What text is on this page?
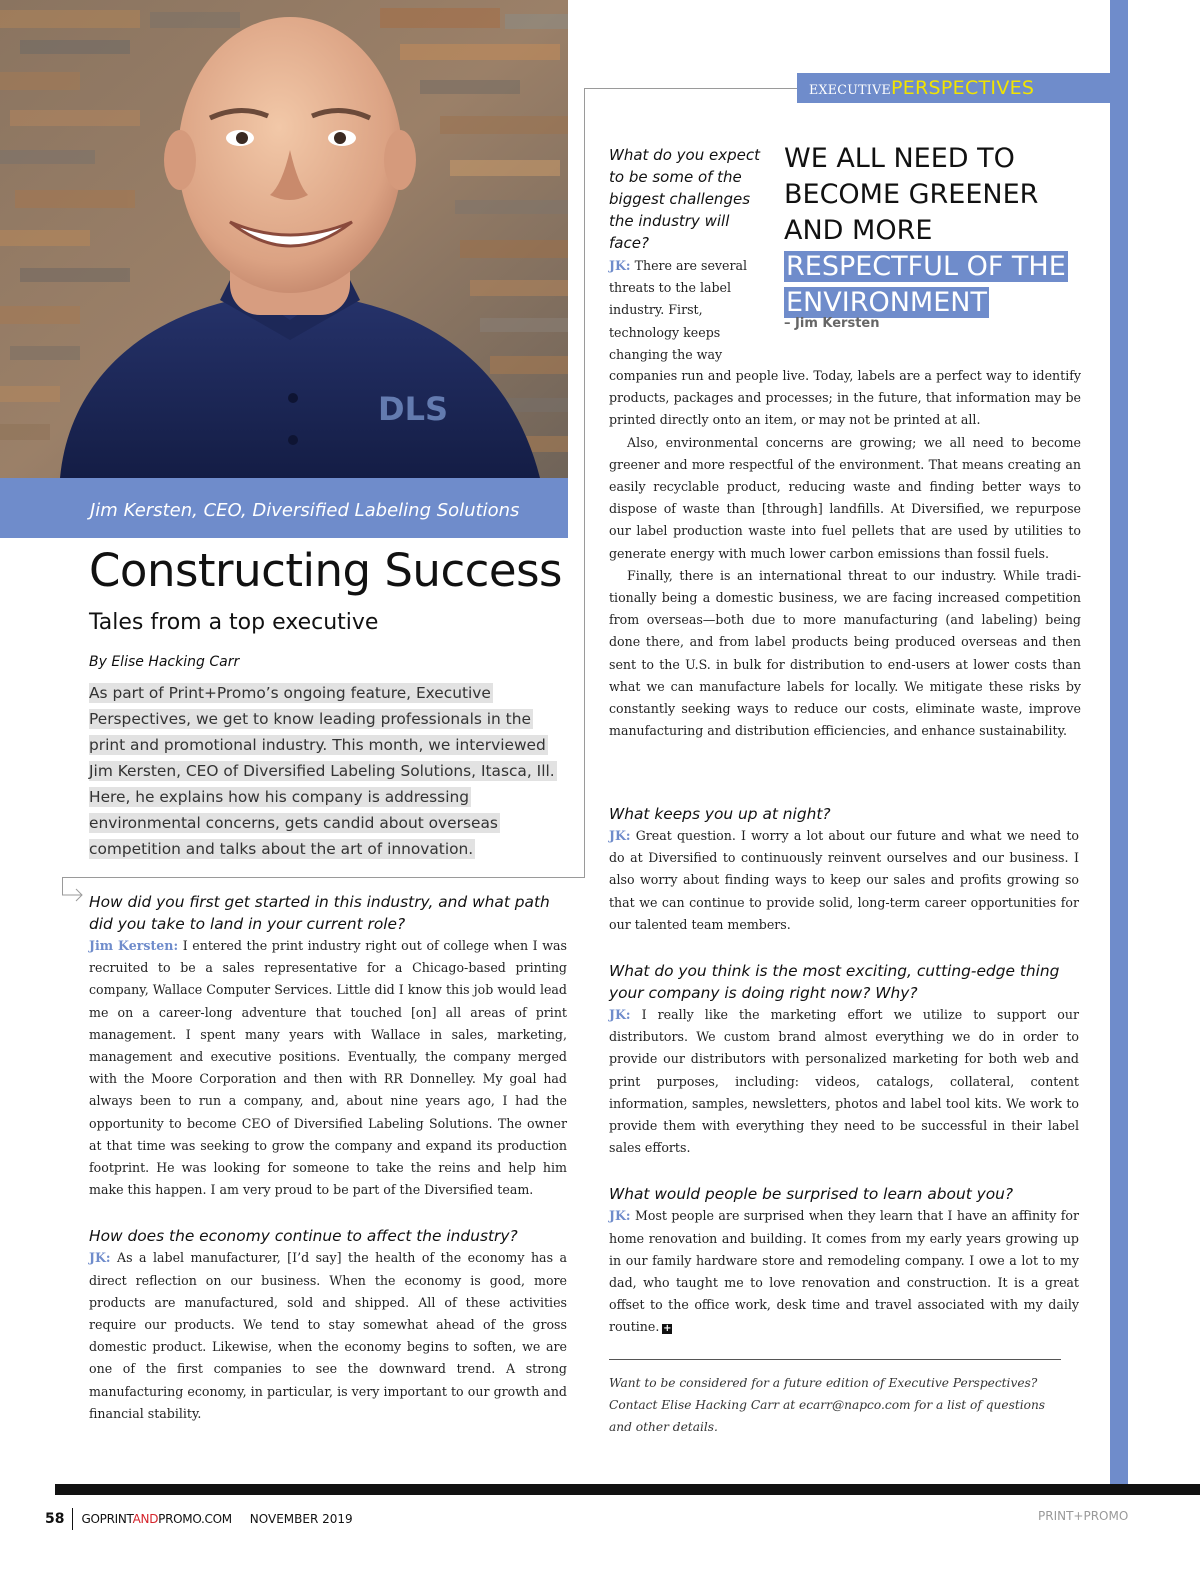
DLS
Jim Kersten, CEO, Diversified Labeling Solutions
EXECUTIVEPERSPECTIVES
Constructing Success
Tales from a top executive
By Elise Hacking Carr
As part of Print+Promo’s ongoing feature, Executive Perspectives, we get to know leading professionals in the print and promotional industry. This month, we interviewed Jim Kersten, CEO of Diversified Labeling Solutions, Itasca, Ill. Here, he explains how his company is addressing environmental concerns, gets candid about overseas competition and talks about the art of innovation.

How did you first get started in this industry, and what path did you take to land in your current role?

Jim Kersten: I entered the print industry right out of college when I was recruited to be a sales representative for a Chicago-based printing company, Wallace Computer Services. Little did I know this job would lead me on a career-long adventure that touched [on] all areas of print management. I spent many years with Wallace in sales, marketing, management and executive positions. Eventually, the company merged with the Moore Corporation and then with RR Donnelley. My goal had always been to run a company, and, about nine years ago, I had the opportunity to become CEO of Diversified Labeling Solutions. The owner at that time was seeking to grow the company and expand its production footprint. He was looking for someone to take the reins and help him make this happen. I am very proud to be part of the Diversified team.

How does the economy continue to affect the industry?

JK: As a label manufacturer, [I’d say] the health of the economy has a direct reflection on our business. When the economy is good, more products are manufactured, sold and shipped. All of these activities require our products. We tend to stay somewhat ahead of the gross domestic product. Likewise, when the economy begins to soften, we are one of the first companies to see the downward trend. A strong manufacturing economy, in particular, is very important to our growth and financial stability.

What do you expect to be some of the biggest challenges the industry will face?

JK: There are several threats to the label industry. First, technology keeps changing the way

WE ALL NEED TO BECOME GREENER AND MORE RESPECTFUL OF THE ENVIRONMENT

– Jim Kersten

companies run and people live. Today, labels are a perfect way to identify products, packages and processes; in the future, that information may be printed directly onto an item, or may not be printed at all.

Also, environmental concerns are growing; we all need to become greener and more respectful of the environment. That means creating an easily recyclable product, reducing waste and finding better ways to dispose of waste than [through] landfills. At Diversified, we repurpose our label production waste into fuel pellets that are used by utilities to generate energy with much lower carbon emissions than fossil fuels.

Finally, there is an international threat to our industry. While traditionally being a domestic business, we are facing increased competition from overseas—both due to more manufacturing (and labeling) being done there, and from label products being produced overseas and then sent to the U.S. in bulk for distribution to end-users at lower costs than what we can manufacture labels for locally. We mitigate these risks by constantly seeking ways to reduce our costs, eliminate waste, improve manufacturing and distribution efficiencies, and enhance sustainability.

What keeps you up at night?

JK: Great question. I worry a lot about our future and what we need to do at Diversified to continuously reinvent ourselves and our business. I also worry about finding ways to keep our sales and profits growing so that we can continue to provide solid, long-term career opportunities for our talented team members.

What do you think is the most exciting, cutting-edge thing your company is doing right now? Why?

JK: I really like the marketing effort we utilize to support our distributors. We custom brand almost everything we do in order to provide our distributors with personalized marketing for both web and print purposes, including: videos, catalogs, collateral, content information, samples, newsletters, photos and label tool kits. We work to provide them with everything they need to be successful in their label sales efforts.

What would people be surprised to learn about you?

JK: Most people are surprised when they learn that I have an affinity for home renovation and building. It comes from my early years growing up in our family hardware store and remodeling company. I owe a lot to my dad, who taught me to love renovation and construction. It is a great offset to the office work, desk time and travel associated with my daily routine. +

Want to be considered for a future edition of Executive Perspectives? Contact Elise Hacking Carr at ecarr@napco.com for a list of questions and other details.

58 GOPRINTANDPROMO.COM NOVEMBER 2019	PRINT+PROMO
